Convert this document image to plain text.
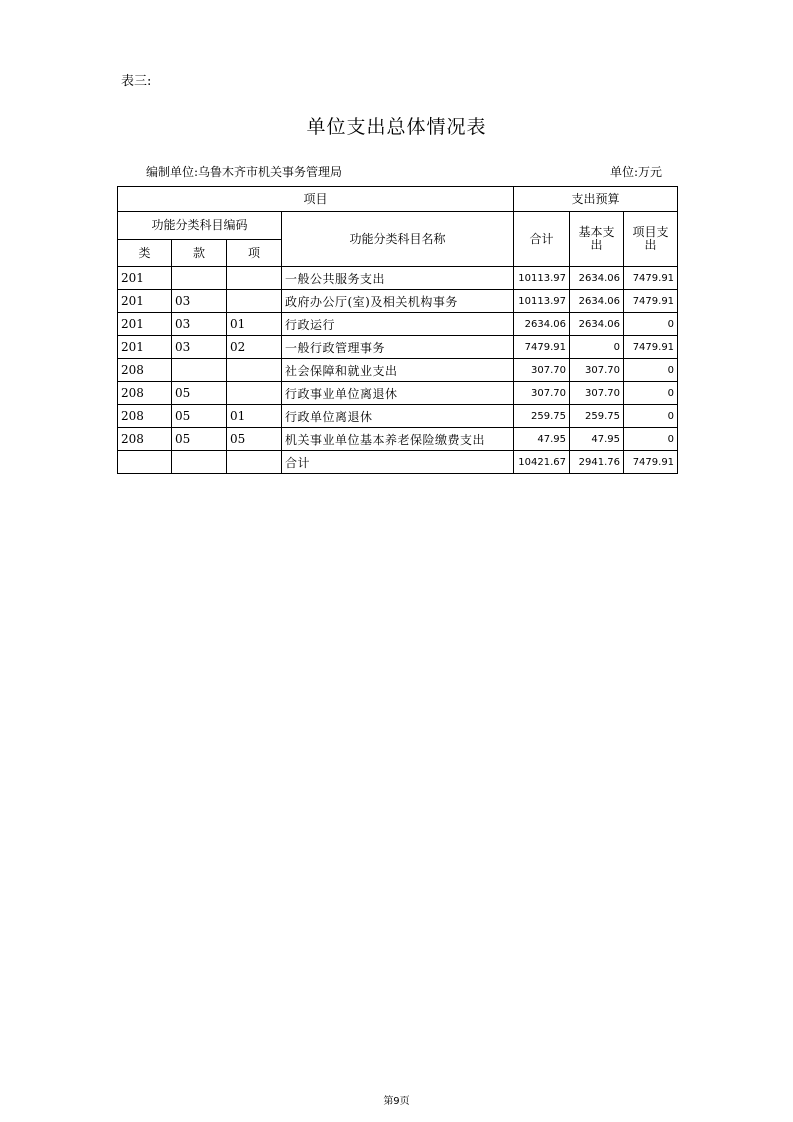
表三:
单位支出总体情况表
编制单位:乌鲁木齐市机关事务管理局	单位:万元
项目				支出预算		
功能分类科目编码			功能分类科目名称	合计	基本支出	项目支出
类	款	项				
201			一般公共服务支出	10113.97	2634.06	7479.91
201	03		政府办公厅(室)及相关机构事务	10113.97	2634.06	7479.91
201	03	01	行政运行	2634.06	2634.06	0
201	03	02	一般行政管理事务	7479.91	0	7479.91
208			社会保障和就业支出	307.70	307.70	0
208	05		行政事业单位离退休	307.70	307.70	0
208	05	01	行政单位离退休	259.75	259.75	0
208	05	05	机关事业单位基本养老保险缴费支出	47.95	47.95	0
			合计	10421.67	2941.76	7479.91
第9页
